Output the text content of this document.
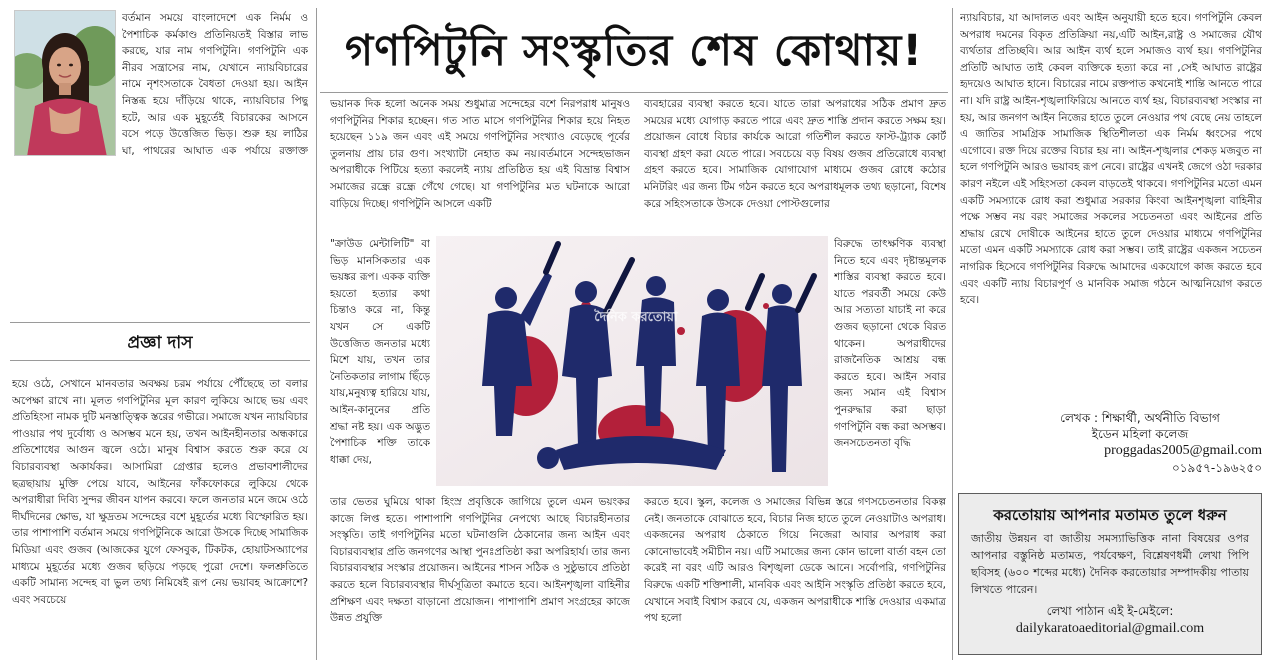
বর্তমান সময়ে বাংলাদেশে এক নির্মম ও পৈশাচিক কর্মকাণ্ড প্রতিনিয়তই বিস্তার লাভ করছে, যার নাম গণপিটুনি। গণপিটুনি এক নীরব সন্ত্রাসের নাম, যেখানে ন্যায়বিচারের নামে নৃশংসতাকে বৈধতা দেওয়া হয়। আইন নিস্তব্ধ হয়ে দাঁড়িয়ে থাকে, ন্যায়বিচার পিছু হটে, আর এক মুহূর্তেই বিচারকের আসনে বসে পড়ে উত্তেজিত ভিড়। শুরু হয় লাঠির ঘা, পাথরের আঘাত এক পর্যায়ে রক্তাক্ত
প্রজ্ঞা দাস
হয়ে ওঠে, সেখানে মানবতার অবক্ষয় চরম পর্যায়ে পৌঁছেছে তা বলার অপেক্ষা রাখে না। মূলত গণপিটুনির মূল কারণ লুকিয়ে আছে ভয় এবং প্রতিহিংসা নামক দুটি মনস্তাত্ত্বিক স্তরের গভীরে। সমাজে যখন ন্যায়বিচার পাওয়ার পথ দুর্বোধ্য ও অসম্ভব মনে হয়, তখন আইনহীনতার অন্ধকারে প্রতিশোধের আগুন জ্বলে ওঠে। মানুষ বিশ্বাস করতে শুরু করে যে বিচারব্যবস্থা অকার্যকর। আসামিরা গ্রেপ্তার হলেও প্রভাবশালীদের ছত্রছায়ায় মুক্তি পেয়ে যাবে, আইনের ফাঁকফোকরে লুকিয়ে থেকে অপরাধীরা দিব্যি সুন্দর জীবন যাপন করবে। ফলে জনতার মনে জমে ওঠে দীর্ঘদিনের ক্ষোভ, যা ক্ষুদ্রতম সন্দেহের বশে মুহূর্তের মধ্যে বিস্ফোরিত হয়। তার পাশাপাশি বর্তমান সময়ে গণপিটুনিকে আরো উসকে দিচ্ছে সামাজিক মিডিয়া এবং গুজব (আজকের যুগে ফেসবুক, টিকটক, হোয়াটসঅ্যাপের মাধ্যমে মুহূর্তের মধ্যে গুজব ছড়িয়ে পড়ছে পুরো দেশে। ফলশ্রুতিতে একটি সামান্য সন্দেহ বা ভুল তথ্য নিমিষেই রূপ নেয় ভয়াবহ আক্রোশে? এবং সবচেয়ে
গণপিটুনি সংস্কৃতির শেষ কোথায়!
ভয়ানক দিক হলো অনেক সময় শুধুমাত্র সন্দেহের বশে নিরপরাধ মানুষও গণপিটুনির শিকার হচ্ছেন। গত সাত মাসে গণপিটুনির শিকার হয়ে নিহত হয়েছেন ১১৯ জন এবং এই সময়ে গণপিটুনির সংখ্যাও বেড়েছে পূর্বের তুলনায় প্রায় চার গুণ। সংখ্যাটা নেহাত কম নয়।বর্তমানে সন্দেহভাজন অপরাধীকে পিটিয়ে হত্যা করলেই ন্যায় প্রতিষ্ঠিত হয় এই বিভ্রান্ত বিশ্বাস সমাজের রন্ধ্রে রন্ধ্রে গেঁথে গেছে। যা গণপিটুনির মত ঘটনাকে আরো বাড়িয়ে দিচ্ছে। গণপিটুনি আসলে একটি
"ক্রাউড মেন্টালিটি" বা ভিড় মানসিকতার এক ভয়ঙ্কর রূপ। একক ব্যক্তি হয়তো হত্যার কথা চিন্তাও করে না, কিন্তু যখন সে একটি উত্তেজিত জনতার মধ্যে মিশে যায়, তখন তার নৈতিকতার লাগাম ছিঁড়ে যায়,মনুষ্যত্ব হারিয়ে যায়, আইন-কানুনের প্রতি শ্রদ্ধা নষ্ট হয়। এক অদ্ভুত পৈশাচিক শক্তি তাকে ধাক্কা দেয়,
তার ভেতর ঘুমিয়ে থাকা হিংস্র প্রবৃত্তিকে জাগিয়ে তুলে এমন ভয়ংকর কাজে লিপ্ত হতে। পাশাপাশি গণপিটুনির নেপথ্যে আছে বিচারহীনতার সংস্কৃতি। তাই গণপিটুনির মতো ঘটনাগুলি ঠেকানোর জন্য আইন এবং বিচারব্যবস্থার প্রতি জনগণের আস্থা পুনঃপ্রতিষ্ঠা করা অপরিহার্য। তার জন্য বিচারব্যবস্থার সংস্কার প্রয়োজন। আইনের শাসন সঠিক ও সুষ্ঠুভাবে প্রতিষ্ঠা করতে হলে বিচারব্যবস্থার দীর্ঘসূত্রিতা কমাতে হবে। আইনশৃঙ্খলা বাহিনীর প্রশিক্ষণ এবং দক্ষতা বাড়ানো প্রয়োজন। পাশাপাশি প্রমাণ সংগ্রহের কাজে উন্নত প্রযুক্তি
ব্যবহারের ব্যবস্থা করতে হবে। যাতে তারা অপরাধের সঠিক প্রমাণ দ্রুত সময়ের মধ্যে যোগাড় করতে পারে এবং দ্রুত শাস্তি প্রদান করতে সক্ষম হয়। প্রয়োজন বোধে বিচার কার্যকে আরো গতিশীল করতে ফাস্ট-ট্র্যাক কোর্ট ব্যবস্থা গ্রহণ করা যেতে পারে। সবচেয়ে বড় বিষয় গুজব প্রতিরোধে ব্যবস্থা গ্রহণ করতে হবে। সামাজিক যোগাযোগ মাধ্যমে গুজব রোধে কঠোর মনিটরিং এর জন্য টিম গঠন করতে হবে অপরাধমূলক তথ্য ছড়ানো, বিশেষ করে সহিংসতাকে উসকে দেওয়া পোস্টগুলোর
বিরুদ্ধে তাৎক্ষণিক ব্যবস্থা নিতে হবে এবং দৃষ্টান্তমূলক শাস্তির ব্যবস্থা করতে হবে। যাতে পরবর্তী সময়ে কেউ আর সত্যতা যাচাই না করে গুজব ছড়ানো থেকে বিরত থাকেন। অপরাধীদের রাজনৈতিক আশ্রয় বন্ধ করতে হবে। আইন সবার জন্য সমান এই বিশ্বাস পুনরুদ্ধার করা ছাড়া গণপিটুনি বন্ধ করা অসম্ভব। জনসচেতনতা বৃদ্ধি
করতে হবে। স্কুল, কলেজ ও সমাজের বিভিন্ন স্তরে গণসচেতনতার বিকল্প নেই। জনতাকে বোঝাতে হবে, বিচার নিজ হাতে তুলে নেওয়াটাও অপরাধ। একজনের অপরাধ ঠেকাতে গিয়ে নিজেরা আবার অপরাধ করা কোনোভাবেই সমীচীন নয়। এটি সমাজের জন্য কোন ভালো বার্তা বহন তো করেই না বরং এটি আরও বিশৃঙ্খলা ডেকে আনে। সর্বোপরি, গণপিটুনির বিরুদ্ধে একটি শক্তিশালী, মানবিক এবং আইনি সংস্কৃতি প্রতিষ্ঠা করতে হবে, যেখানে সবাই বিশ্বাস করবে যে, একজন অপরাধীকে শাস্তি দেওয়ার একমাত্র পথ হলো
দৈনিক করতোয়া
ন্যায়বিচার, যা আদালত এবং আইন অনুযায়ী হতে হবে। গণপিটুনি কেবল অপরাধ দমনের বিকৃত প্রতিক্রিয়া নয়,এটি আইন,রাষ্ট্র ও সমাজের যৌথ ব্যর্থতার প্রতিচ্ছবি। আর আইন ব্যর্থ হলে সমাজও ব্যর্থ হয়। গণপিটুনির প্রতিটি আঘাত তাই কেবল ব্যক্তিকে হত্যা করে না ,সেই আঘাত রাষ্ট্রের হৃদয়েও আঘাত হানে। বিচারের নামে রক্তপাত কখনোই শান্তি আনতে পারে না। যদি রাষ্ট্র আইন-শৃঙ্খলাফিরিয়ে আনতে ব্যর্থ হয়, বিচারব্যবস্থা সংস্কার না হয়, আর জনগণ আইন নিজের হাতে তুলে নেওয়ার পথ বেছে নেয় তাহলে এ জাতির সামগ্রিক সামাজিক স্থিতিশীলতা এক নির্মম ধ্বংসের পথে এগোবে। রক্ত দিয়ে রক্তের বিচার হয় না। আইন-শৃঙ্খলার শেকড় মজবুত না হলে গণপিটুনি আরও ভয়াবহ রূপ নেবে। রাষ্ট্রের এখনই জেগে ওঠা দরকার কারণ নইলে এই সহিংসতা কেবল বাড়তেই থাকবে। গণপিটুনির মতো এমন একটি সমস্যাকে রোধ করা শুধুমাত্র সরকার কিংবা আইনশৃঙ্খলা বাহিনীর পক্ষে সম্ভব নয় বরং সমাজের সকলের সচেতনতা এবং আইনের প্রতি শ্রদ্ধায় রেখে দোষীকে আইনের হাতে তুলে দেওয়ার মাধ্যমে গণপিটুনির মতো এমন একটি সমস্যাকে রোধ করা সম্ভব। তাই রাষ্ট্রের একজন সচেতন নাগরিক হিসেবে গণপিটুনির বিরুদ্ধে আমাদের একযোগে কাজ করতে হবে এবং একটি ন্যায় বিচারপূর্ণ ও মানবিক সমাজ গঠনে আত্মনিয়োগ করতে হবে।
লেখক : শিক্ষার্থী, অর্থনীতি বিভাগ
ইডেন মহিলা কলেজ
proggadas2005@gmail.com
০১৯৫৭-১৯৬২৫০
করতোয়ায় আপনার মতামত তুলে ধরুন
জাতীয় উন্নয়ন বা জাতীয় সমস্যাভিত্তিক নানা বিষয়ের ওপর আপনার বস্তুনিষ্ঠ মতামত, পর্যবেক্ষণ, বিশ্লেষণধর্মী লেখা পিপি ছবিসহ (৬০০ শব্দের মধ্যে) দৈনিক করতোয়ার সম্পাদকীয় পাতায় লিখতে পারেন।
লেখা পাঠান এই ই-মেইলে:
dailykaratoaeditorial@gmail.com
